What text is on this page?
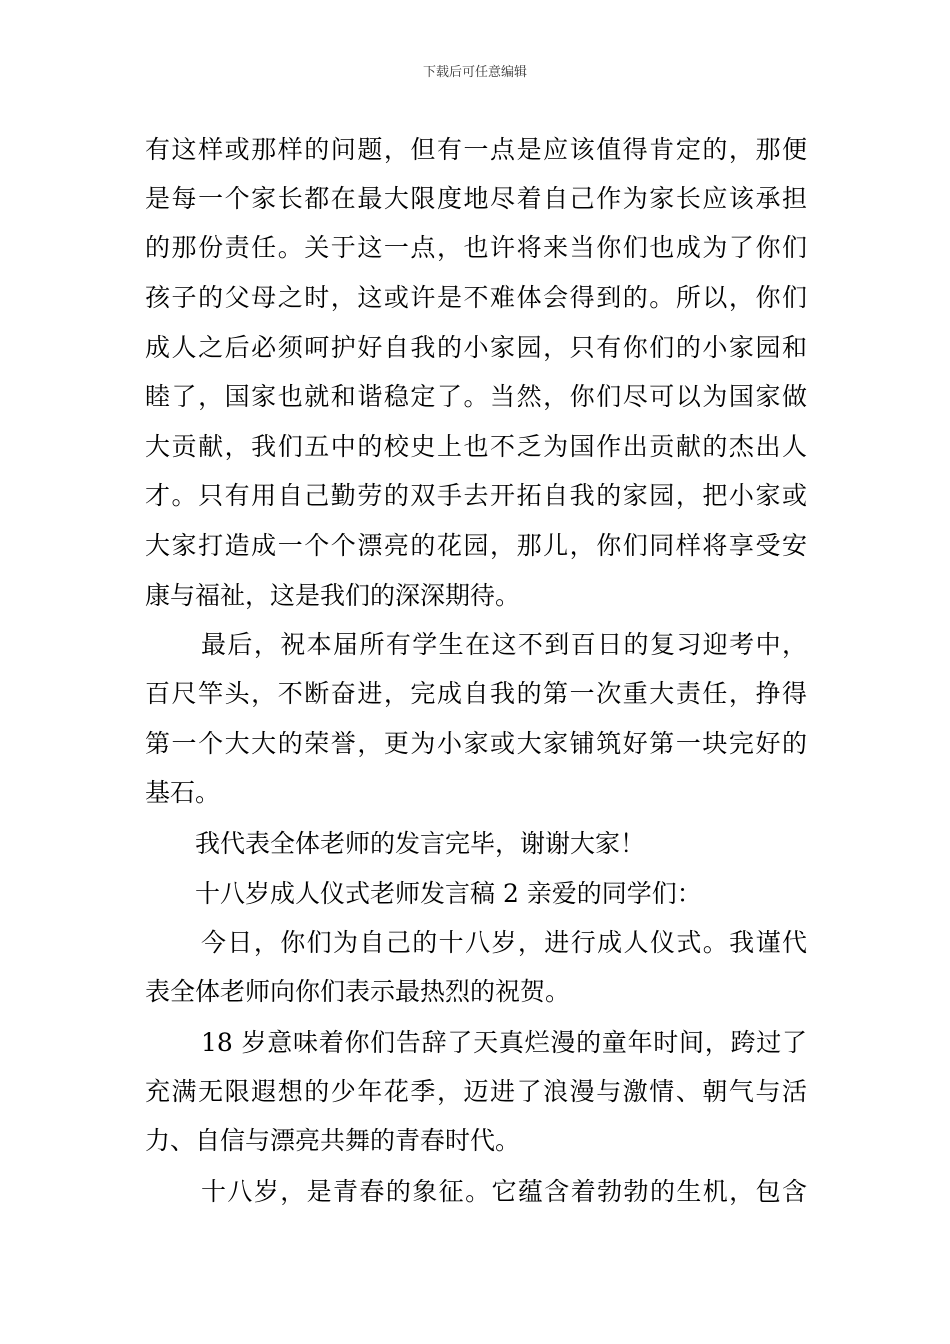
下载后可任意编辑
有这样或那样的问题，但有一点是应该值得肯定的，那便
是每一个家长都在最大限度地尽着自己作为家长应该承担
的那份责任。关于这一点，也许将来当你们也成为了你们
孩子的父母之时，这或许是不难体会得到的。所以，你们
成人之后必须呵护好自我的小家园，只有你们的小家园和
睦了，国家也就和谐稳定了。当然，你们尽可以为国家做
大贡献，我们五中的校史上也不乏为国作出贡献的杰出人
才。只有用自己勤劳的双手去开拓自我的家园，把小家或
大家打造成一个个漂亮的花园，那儿，你们同样将享受安
康与福祉，这是我们的深深期待。
最后，祝本届所有学生在这不到百日的复习迎考中，
百尺竿头，不断奋进，完成自我的第一次重大责任，挣得
第一个大大的荣誉，更为小家或大家铺筑好第一块完好的
基石。
我代表全体老师的发言完毕，谢谢大家！
十八岁成人仪式老师发言稿 2 亲爱的同学们：
今日，你们为自己的十八岁，进行成人仪式。我谨代
表全体老师向你们表示最热烈的祝贺。
18 岁意味着你们告辞了天真烂漫的童年时间，跨过了
充满无限遐想的少年花季，迈进了浪漫与激情、朝气与活
力、自信与漂亮共舞的青春时代。
十八岁，是青春的象征。它蕴含着勃勃的生机，包含
